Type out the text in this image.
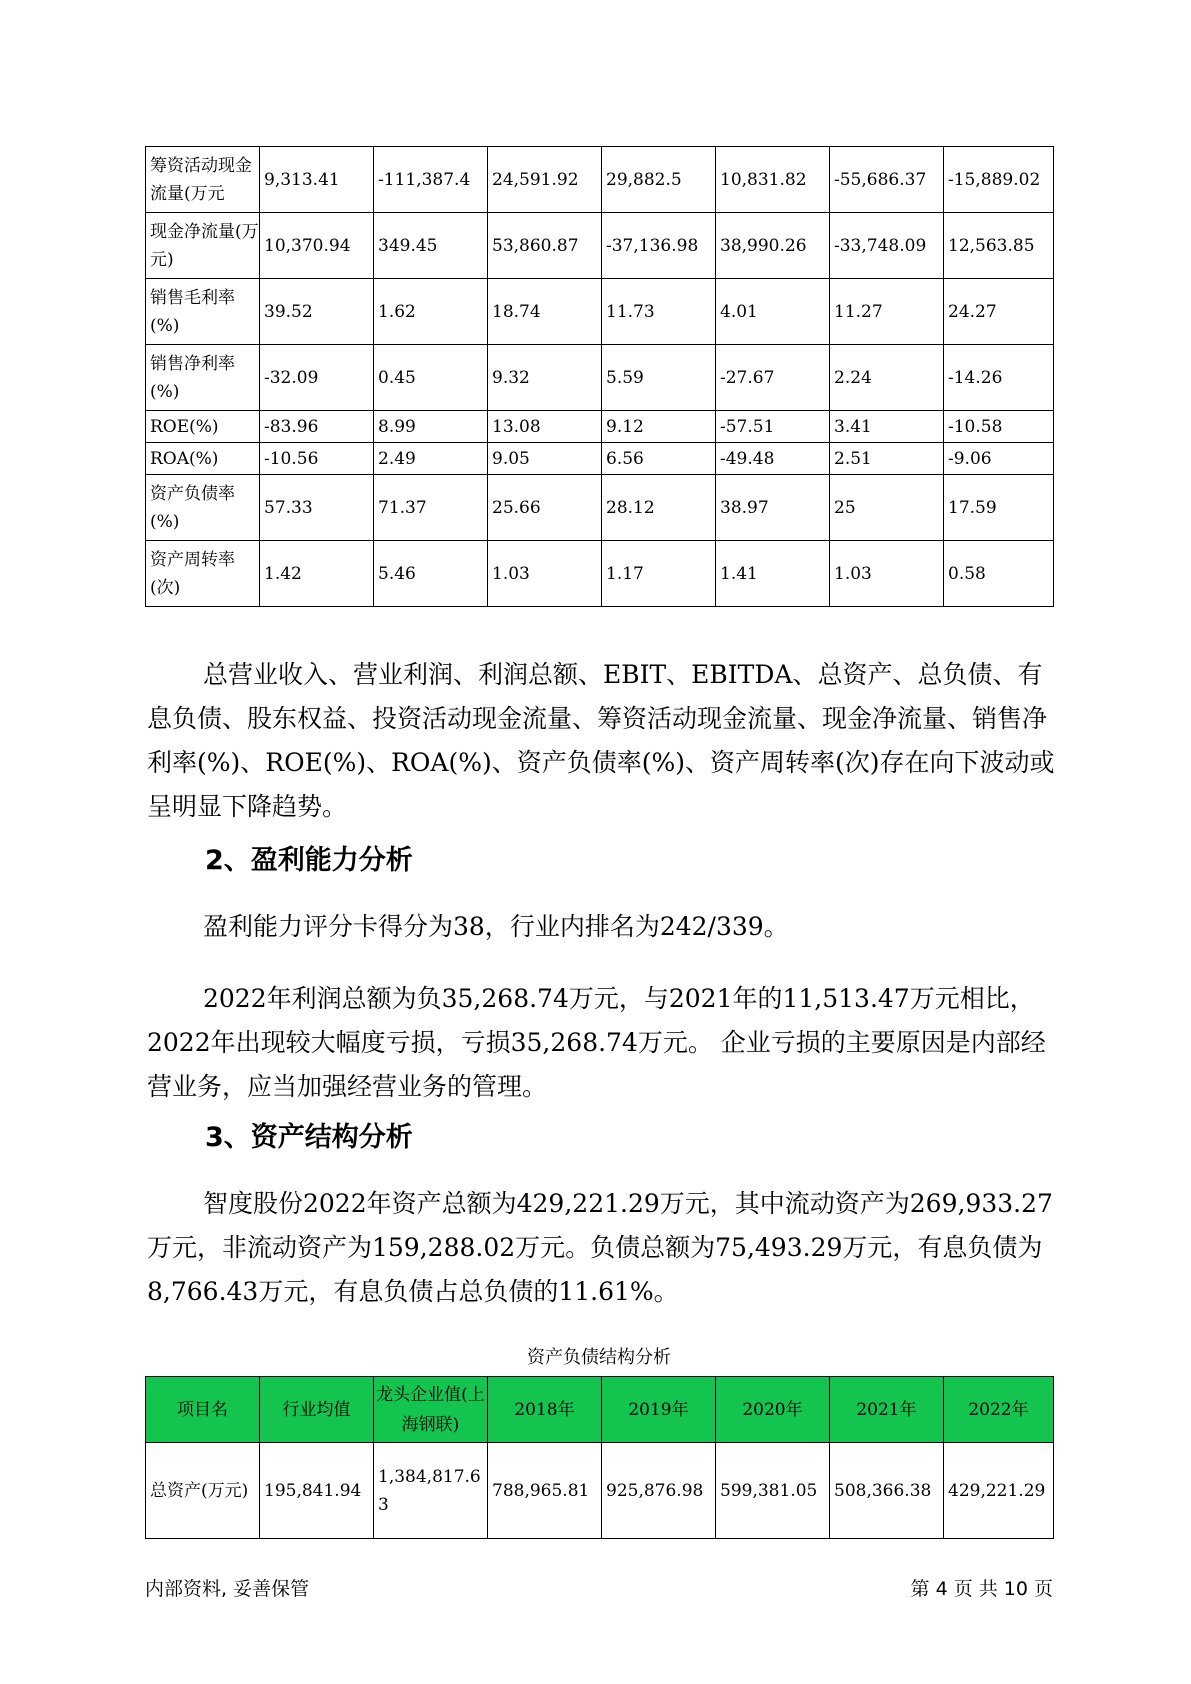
筹资活动现金流量(万元	9,313.41	-111,387.4	24,591.92	29,882.5	10,831.82	-55,686.37	-15,889.02
现金净流量(万元)	10,370.94	349.45	53,860.87	-37,136.98	38,990.26	-33,748.09	12,563.85
销售毛利率(%)	39.52	1.62	18.74	11.73	4.01	11.27	24.27
销售净利率(%)	-32.09	0.45	9.32	5.59	-27.67	2.24	-14.26
ROE(%)	-83.96	8.99	13.08	9.12	-57.51	3.41	-10.58
ROA(%)	-10.56	2.49	9.05	6.56	-49.48	2.51	-9.06
资产负债率(%)	57.33	71.37	25.66	28.12	38.97	25	17.59
资产周转率(次)	1.42	5.46	1.03	1.17	1.41	1.03	0.58

总营业收入、营业利润、利润总额、EBIT、EBITDA、总资产、总负债、有息负债、股东权益、投资活动现金流量、筹资活动现金流量、现金净流量、销售净利率(%)、ROE(%)、ROA(%)、资产负债率(%)、资产周转率(次)存在向下波动或呈明显下降趋势。

2、盈利能力分析

盈利能力评分卡得分为38，行业内排名为242/339。

2022年利润总额为负35,268.74万元，与2021年的11,513.47万元相比，2022年出现较大幅度亏损，亏损35,268.74万元。 企业亏损的主要原因是内部经营业务，应当加强经营业务的管理。

3、资产结构分析

智度股份2022年资产总额为429,221.29万元，其中流动资产为269,933.27万元，非流动资产为159,288.02万元。负债总额为75,493.29万元，有息负债为8,766.43万元，有息负债占总负债的11.61%。

资产负债结构分析
项目名	行业均值	龙头企业值(上海钢联)	2018年	2019年	2020年	2021年	2022年
总资产(万元)	195,841.94	1,384,817.63	788,965.81	925,876.98	599,381.05	508,366.38	429,221.29
内部资料, 妥善保管	第 4 页 共 10 页
